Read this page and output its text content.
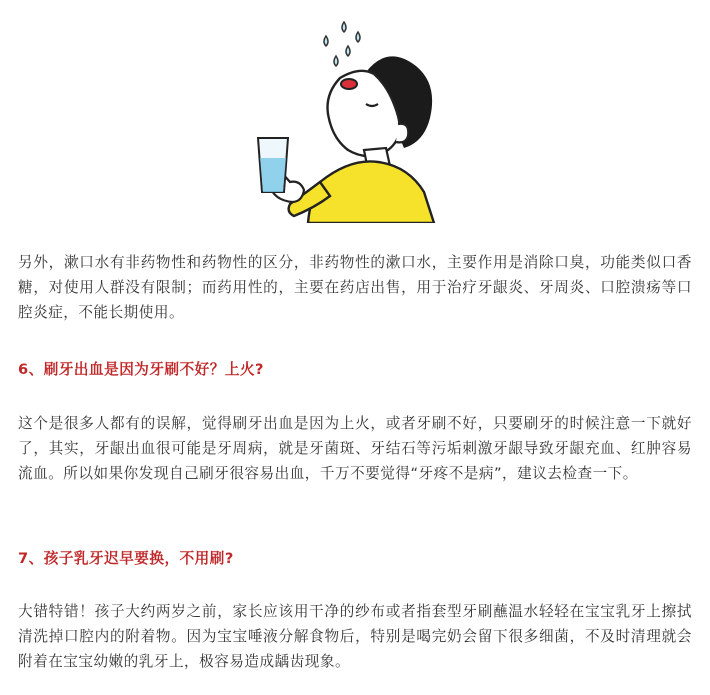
另外，漱口水有非药物性和药物性的区分，非药物性的漱口水，主要作用是消除口臭，功能类似口香糖，对使用人群没有限制；而药用性的，主要在药店出售，用于治疗牙龈炎、牙周炎、口腔溃疡等口腔炎症，不能长期使用。

6、刷牙出血是因为牙刷不好？上火?

这个是很多人都有的误解，觉得刷牙出血是因为上火，或者牙刷不好，只要刷牙的时候注意一下就好了，其实，牙龈出血很可能是牙周病，就是牙菌斑、牙结石等污垢刺激牙龈导致牙龈充血、红肿容易流血。所以如果你发现自己刷牙很容易出血，千万不要觉得“牙疼不是病”，建议去检查一下。

7、孩子乳牙迟早要换，不用刷?

大错特错！孩子大约两岁之前，家长应该用干净的纱布或者指套型牙刷蘸温水轻轻在宝宝乳牙上擦拭清洗掉口腔内的附着物。因为宝宝唾液分解食物后，特别是喝完奶会留下很多细菌，不及时清理就会附着在宝宝幼嫩的乳牙上，极容易造成龋齿现象。
